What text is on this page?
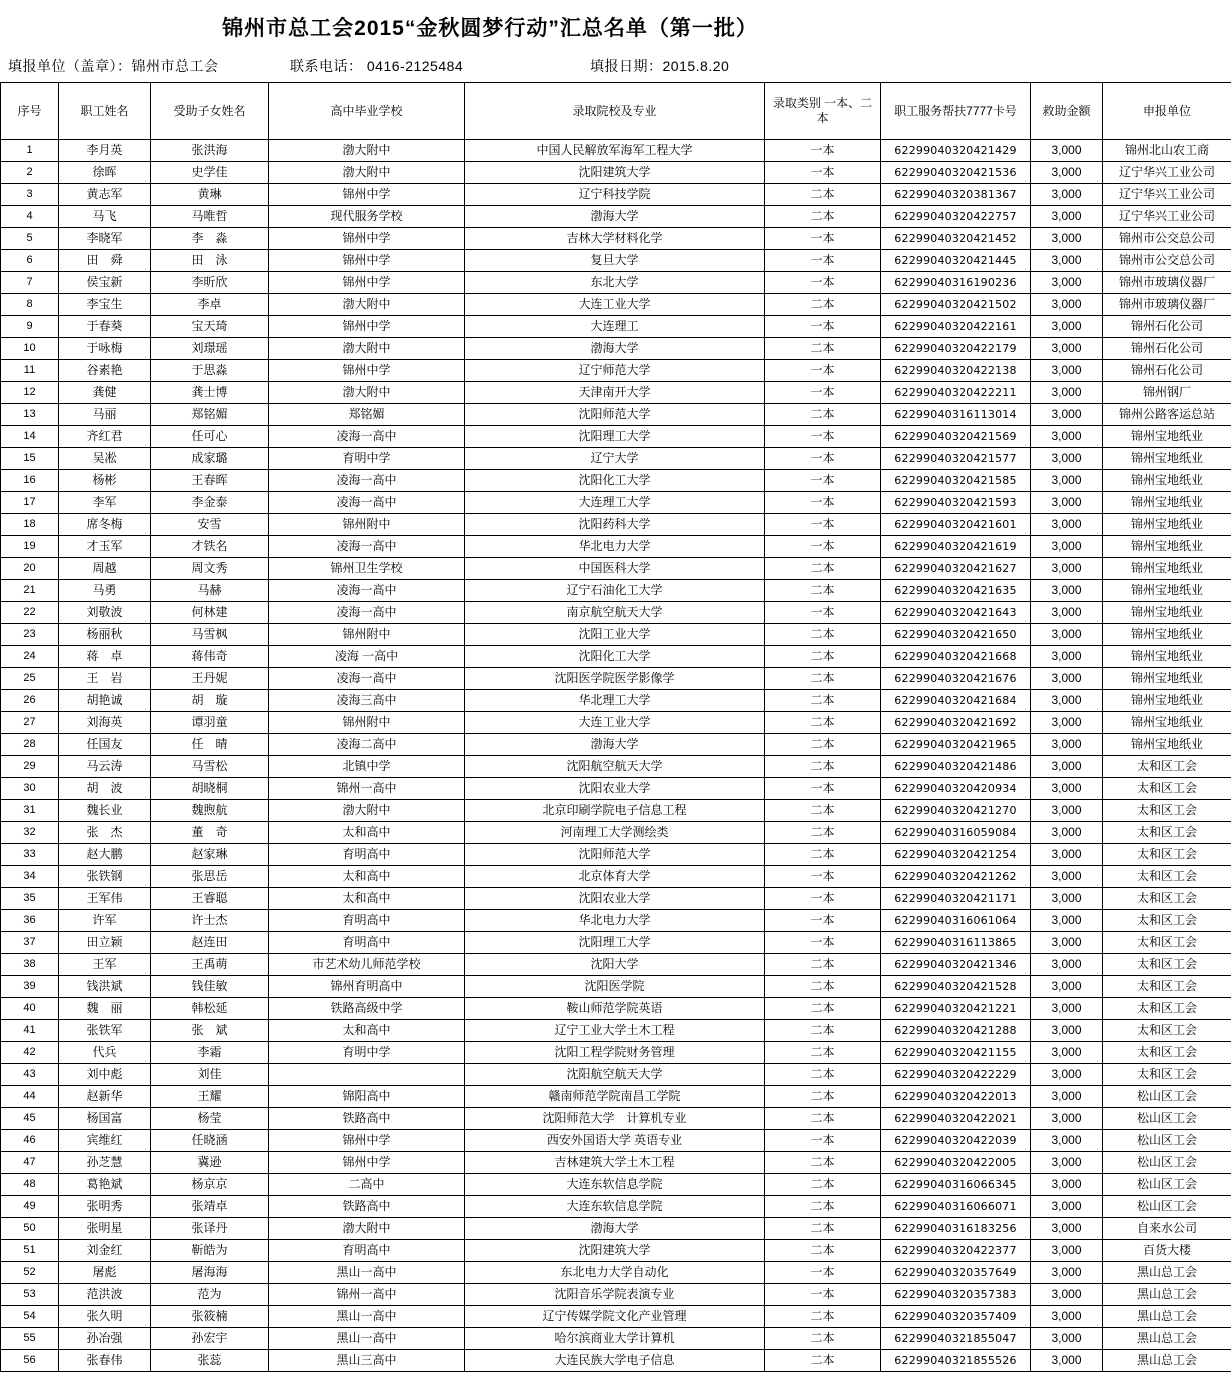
锦州市总工会2015“金秋圆梦行动”汇总名单（第一批）
填报单位（盖章）：锦州市总工会	联系电话： 0416-2125484	填报日期：2015.8.20
序号	职工姓名	受助子女姓名	高中毕业学校	录取院校及专业	录取类别 一本、二本	职工服务帮扶7777卡号	救助金额	申报单位
1	李月英	张洪海	渤大附中	中国人民解放军海军工程大学	一本	62299040320421429	3,000	锦州北山农工商
2	徐晖	史学佳	渤大附中	沈阳建筑大学	一本	62299040320421536	3,000	辽宁华兴工业公司
3	黄志军	黄琳	锦州中学	辽宁科技学院	二本	62299040320381367	3,000	辽宁华兴工业公司
4	马飞	马唯哲	现代服务学校	渤海大学	二本	62299040320422757	3,000	辽宁华兴工业公司
5	李晓军	李　淼	锦州中学	吉林大学材料化学	一本	62299040320421452	3,000	锦州市公交总公司
6	田　舜	田　泳	锦州中学	复旦大学	一本	62299040320421445	3,000	锦州市公交总公司
7	侯宝新	李昕欣	锦州中学	东北大学	一本	62299040316190236	3,000	锦州市玻璃仪器厂
8	李宝生	李卓	渤大附中	大连工业大学	二本	62299040320421502	3,000	锦州市玻璃仪器厂
9	于春葵	宝天琦	锦州中学	大连理工	一本	62299040320422161	3,000	锦州石化公司
10	于咏梅	刘璟瑶	渤大附中	渤海大学	二本	62299040320422179	3,000	锦州石化公司
11	谷素艳	于思淼	锦州中学	辽宁师范大学	一本	62299040320422138	3,000	锦州石化公司
12	龚健	龚士博	渤大附中	天津南开大学	一本	62299040320422211	3,000	锦州钢厂
13	马丽	郑铭媚	郑铭媚	沈阳师范大学	二本	62299040316113014	3,000	锦州公路客运总站
14	齐红君	任可心	凌海一高中	沈阳理工大学	一本	62299040320421569	3,000	锦州宝地纸业
15	吴凇	成家璐	育明中学	辽宁大学	一本	62299040320421577	3,000	锦州宝地纸业
16	杨彬	王春晖	凌海一高中	沈阳化工大学	一本	62299040320421585	3,000	锦州宝地纸业
17	李军	李金泰	凌海一高中	大连理工大学	一本	62299040320421593	3,000	锦州宝地纸业
18	席冬梅	安雪	锦州附中	沈阳药科大学	一本	62299040320421601	3,000	锦州宝地纸业
19	才玉军	才铁名	凌海一高中	华北电力大学	一本	62299040320421619	3,000	锦州宝地纸业
20	周越	周文秀	锦州卫生学校	中国医科大学	二本	62299040320421627	3,000	锦州宝地纸业
21	马勇	马赫	凌海一高中	辽宁石油化工大学	二本	62299040320421635	3,000	锦州宝地纸业
22	刘敬波	何林建	凌海一高中	南京航空航天大学	一本	62299040320421643	3,000	锦州宝地纸业
23	杨丽秋	马雪枫	锦州附中	沈阳工业大学	二本	62299040320421650	3,000	锦州宝地纸业
24	蒋　卓	蒋伟奇	凌海 一高中	沈阳化工大学	二本	62299040320421668	3,000	锦州宝地纸业
25	王　岩	王丹妮	凌海一高中	沈阳医学院医学影像学	二本	62299040320421676	3,000	锦州宝地纸业
26	胡艳诚	胡　璇	凌海三高中	华北理工大学	二本	62299040320421684	3,000	锦州宝地纸业
27	刘海英	谭羽童	锦州附中	大连工业大学	二本	62299040320421692	3,000	锦州宝地纸业
28	任国友	任　晴	凌海二高中	渤海大学	二本	62299040320421965	3,000	锦州宝地纸业
29	马云涛	马雪松	北镇中学	沈阳航空航天大学	二本	62299040320421486	3,000	太和区工会
30	胡　波	胡晓桐	锦州一高中	沈阳农业大学	一本	62299040320420934	3,000	太和区工会
31	魏长业	魏煦航	渤大附中	北京印刷学院电子信息工程	二本	62299040320421270	3,000	太和区工会
32	张　杰	董　奇	太和高中	河南理工大学测绘类	二本	62299040316059084	3,000	太和区工会
33	赵大鹏	赵家琳	育明高中	沈阳师范大学	二本	62299040320421254	3,000	太和区工会
34	张铁钢	张思岳	太和高中	北京体育大学	一本	62299040320421262	3,000	太和区工会
35	王军伟	王睿聪	太和高中	沈阳农业大学	一本	62299040320421171	3,000	太和区工会
36	许军	许士杰	育明高中	华北电力大学	一本	62299040316061064	3,000	太和区工会
37	田立颖	赵连田	育明高中	沈阳理工大学	一本	62299040316113865	3,000	太和区工会
38	王军	王禹萌	市艺术幼儿师范学校	沈阳大学	二本	62299040320421346	3,000	太和区工会
39	钱洪斌	钱佳敏	锦州育明高中	沈阳医学院	二本	62299040320421528	3,000	太和区工会
40	魏　丽	韩松延	铁路高级中学	鞍山师范学院英语	二本	62299040320421221	3,000	太和区工会
41	张铁军	张　斌	太和高中	辽宁工业大学土木工程	二本	62299040320421288	3,000	太和区工会
42	代兵	李霜	育明中学	沈阳工程学院财务管理	二本	62299040320421155	3,000	太和区工会
43	刘中彪	刘佳		沈阳航空航天大学	二本	62299040320422229	3,000	太和区工会
44	赵新华	王耀	锦阳高中	赣南师范学院南昌工学院	二本	62299040320422013	3,000	松山区工会
45	杨国富	杨莹	铁路高中	沈阳师范大学　计算机专业	二本	62299040320422021	3,000	松山区工会
46	宾维红	任晓涵	锦州中学	西安外国语大学 英语专业	一本	62299040320422039	3,000	松山区工会
47	孙芝慧	冀逊	锦州中学	吉林建筑大学土木工程	二本	62299040320422005	3,000	松山区工会
48	葛艳斌	杨京京	二高中	大连东软信息学院	二本	62299040316066345	3,000	松山区工会
49	张明秀	张靖卓	铁路高中	大连东软信息学院	二本	62299040316066071	3,000	松山区工会
50	张明星	张译丹	渤大附中	渤海大学	二本	62299040316183256	3,000	自来水公司
51	刘金红	靳皓为	育明高中	沈阳建筑大学	二本	62299040320422377	3,000	百货大楼
52	屠彪	屠海海	黑山一高中	东北电力大学自动化	一本	62299040320357649	3,000	黑山总工会
53	范洪波	范为	锦州一高中	沈阳音乐学院表演专业	一本	62299040320357383	3,000	黑山总工会
54	张久明	张筱楠	黑山一高中	辽宁传媒学院文化产业管理	二本	62299040320357409	3,000	黑山总工会
55	孙冶强	孙宏宇	黑山一高中	哈尔滨商业大学计算机	二本	62299040321855047	3,000	黑山总工会
56	张春伟	张蕊	黑山三高中	大连民族大学电子信息	二本	62299040321855526	3,000	黑山总工会
